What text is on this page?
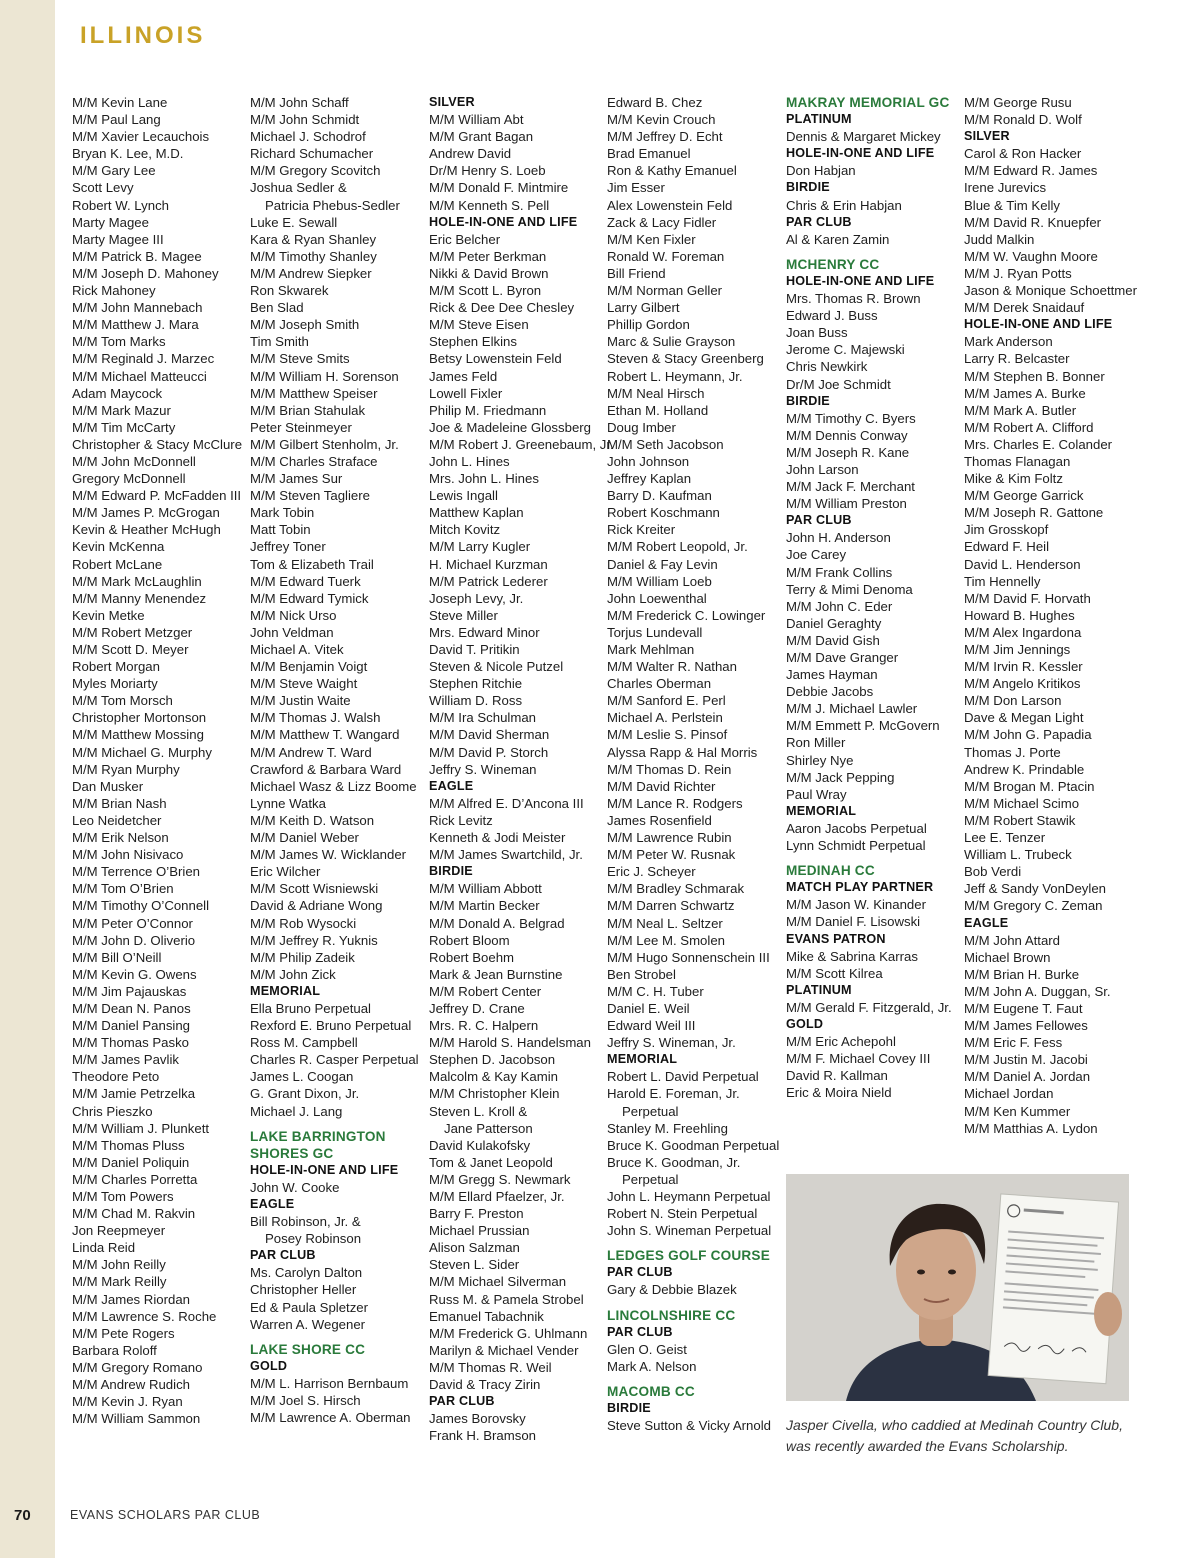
70
ILLINOIS
EVANS SCHOLARS PAR CLUB
M/M Kevin Lane
M/M Paul Lang
M/M Xavier Lecauchois
Bryan K. Lee, M.D.
M/M Gary Lee
Scott Levy
Robert W. Lynch
Marty Magee
Marty Magee III
M/M Patrick B. Magee
M/M Joseph D. Mahoney
Rick Mahoney
M/M John Mannebach
M/M Matthew J. Mara
M/M Tom Marks
M/M Reginald J. Marzec
M/M Michael Matteucci
Adam Maycock
M/M Mark Mazur
M/M Tim McCarty
Christopher & Stacy McClure
M/M John McDonnell
Gregory McDonnell
M/M Edward P. McFadden III
M/M James P. McGrogan
Kevin & Heather McHugh
Kevin McKenna
Robert McLane
M/M Mark McLaughlin
M/M Manny Menendez
Kevin Metke
M/M Robert Metzger
M/M Scott D. Meyer
Robert Morgan
Myles Moriarty
M/M Tom Morsch
Christopher Mortonson
M/M Matthew Mossing
M/M Michael G. Murphy
M/M Ryan Murphy
Dan Musker
M/M Brian Nash
Leo Neidetcher
M/M Erik Nelson
M/M John Nisivaco
M/M Terrence O’Brien
M/M Tom O’Brien
M/M Timothy O’Connell
M/M Peter O’Connor
M/M John D. Oliverio
M/M Bill O’Neill
M/M Kevin G. Owens
M/M Jim Pajauskas
M/M Dean N. Panos
M/M Daniel Pansing
M/M Thomas Pasko
M/M James Pavlik
Theodore Peto
M/M Jamie Petrzelka
Chris Pieszko
M/M William J. Plunkett
M/M Thomas Pluss
M/M Daniel Poliquin
M/M Charles Porretta
M/M Tom Powers
M/M Chad M. Rakvin
Jon Reepmeyer
Linda Reid
M/M John Reilly
M/M Mark Reilly
M/M James Riordan
M/M Lawrence S. Roche
M/M Pete Rogers
Barbara Roloff
M/M Gregory Romano
M/M Andrew Rudich
M/M Kevin J. Ryan
M/M William Sammon
M/M John Schaff
M/M John Schmidt
Michael J. Schodrof
Richard Schumacher
M/M Gregory Scovitch
Joshua Sedler &
Patricia Phebus-Sedler
Luke E. Sewall
Kara & Ryan Shanley
M/M Timothy Shanley
M/M Andrew Siepker
Ron Skwarek
Ben Slad
M/M Joseph Smith
Tim Smith
M/M Steve Smits
M/M William H. Sorenson
M/M Matthew Speiser
M/M Brian Stahulak
Peter Steinmeyer
M/M Gilbert Stenholm, Jr.
M/M Charles Straface
M/M James Sur
M/M Steven Tagliere
Mark Tobin
Matt Tobin
Jeffrey Toner
Tom & Elizabeth Trail
M/M Edward Tuerk
M/M Edward Tymick
M/M Nick Urso
John Veldman
Michael A. Vitek
M/M Benjamin Voigt
M/M Steve Waight
M/M Justin Waite
M/M Thomas J. Walsh
M/M Matthew T. Wangard
M/M Andrew T. Ward
Crawford & Barbara Ward
Michael Wasz & Lizz Boome
Lynne Watka
M/M Keith D. Watson
M/M Daniel Weber
M/M James W. Wicklander
Eric Wilcher
M/M Scott Wisniewski
David & Adriane Wong
M/M Rob Wysocki
M/M Jeffrey R. Yuknis
M/M Philip Zadeik
M/M John Zick
MEMORIAL
Ella Bruno Perpetual
Rexford E. Bruno Perpetual
Ross M. Campbell
Charles R. Casper Perpetual
James L. Coogan
G. Grant Dixon, Jr.
Michael J. Lang
LAKE BARRINGTON
SHORES GC
HOLE-IN-ONE AND LIFE
John W. Cooke
EAGLE
Bill Robinson, Jr. &
Posey Robinson
PAR CLUB
Ms. Carolyn Dalton
Christopher Heller
Ed & Paula Spletzer
Warren A. Wegener
LAKE SHORE CC
GOLD
M/M L. Harrison Bernbaum
M/M Joel S. Hirsch
M/M Lawrence A. Oberman
SILVER
M/M William Abt
M/M Grant Bagan
Andrew David
Dr/M Henry S. Loeb
M/M Donald F. Mintmire
M/M Kenneth S. Pell
HOLE-IN-ONE AND LIFE
Eric Belcher
M/M Peter Berkman
Nikki & David Brown
M/M Scott L. Byron
Rick & Dee Dee Chesley
M/M Steve Eisen
Stephen Elkins
Betsy Lowenstein Feld
James Feld
Lowell Fixler
Philip M. Friedmann
Joe & Madeleine Glossberg
M/M Robert J. Greenebaum, Jr.
John L. Hines
Mrs. John L. Hines
Lewis Ingall
Matthew Kaplan
Mitch Kovitz
M/M Larry Kugler
H. Michael Kurzman
M/M Patrick Lederer
Joseph Levy, Jr.
Steve Miller
Mrs. Edward Minor
David T. Pritikin
Steven & Nicole Putzel
Stephen Ritchie
William D. Ross
M/M Ira Schulman
M/M David Sherman
M/M David P. Storch
Jeffry S. Wineman
EAGLE
M/M Alfred E. D’Ancona III
Rick Levitz
Kenneth & Jodi Meister
M/M James Swartchild, Jr.
BIRDIE
M/M William Abbott
M/M Martin Becker
M/M Donald A. Belgrad
Robert Bloom
Robert Boehm
Mark & Jean Burnstine
M/M Robert Center
Jeffrey D. Crane
Mrs. R. C. Halpern
M/M Harold S. Handelsman
Stephen D. Jacobson
Malcolm & Kay Kamin
M/M Christopher Klein
Steven L. Kroll &
Jane Patterson
David Kulakofsky
Tom & Janet Leopold
M/M Gregg S. Newmark
M/M Ellard Pfaelzer, Jr.
Barry F. Preston
Michael Prussian
Alison Salzman
Steven L. Sider
M/M Michael Silverman
Russ M. & Pamela Strobel
Emanuel Tabachnik
M/M Frederick G. Uhlmann
Marilyn & Michael Vender
M/M Thomas R. Weil
David & Tracy Zirin
PAR CLUB
James Borovsky
Frank H. Bramson
Edward B. Chez
M/M Kevin Crouch
M/M Jeffrey D. Echt
Brad Emanuel
Ron & Kathy Emanuel
Jim Esser
Alex Lowenstein Feld
Zack & Lacy Fidler
M/M Ken Fixler
Ronald W. Foreman
Bill Friend
M/M Norman Geller
Larry Gilbert
Phillip Gordon
Marc & Sulie Grayson
Steven & Stacy Greenberg
Robert L. Heymann, Jr.
M/M Neal Hirsch
Ethan M. Holland
Doug Imber
M/M Seth Jacobson
John Johnson
Jeffrey Kaplan
Barry D. Kaufman
Robert Koschmann
Rick Kreiter
M/M Robert Leopold, Jr.
Daniel & Fay Levin
M/M William Loeb
John Loewenthal
M/M Frederick C. Lowinger
Torjus Lundevall
Mark Mehlman
M/M Walter R. Nathan
Charles Oberman
M/M Sanford E. Perl
Michael A. Perlstein
M/M Leslie S. Pinsof
Alyssa Rapp & Hal Morris
M/M Thomas D. Rein
M/M David Richter
M/M Lance R. Rodgers
James Rosenfield
M/M Lawrence Rubin
M/M Peter W. Rusnak
Eric J. Scheyer
M/M Bradley Schmarak
M/M Darren Schwartz
M/M Neal L. Seltzer
M/M Lee M. Smolen
M/M Hugo Sonnenschein III
Ben Strobel
M/M C. H. Tuber
Daniel E. Weil
Edward Weil III
Jeffry S. Wineman, Jr.
MEMORIAL
Robert L. David Perpetual
Harold E. Foreman, Jr.
Perpetual
Stanley M. Freehling
Bruce K. Goodman Perpetual
Bruce K. Goodman, Jr.
Perpetual
John L. Heymann Perpetual
Robert N. Stein Perpetual
John S. Wineman Perpetual
LEDGES GOLF COURSE
PAR CLUB
Gary & Debbie Blazek
LINCOLNSHIRE CC
PAR CLUB
Glen O. Geist
Mark A. Nelson
MACOMB CC
BIRDIE
Steve Sutton & Vicky Arnold
MAKRAY MEMORIAL GC
PLATINUM
Dennis & Margaret Mickey
HOLE-IN-ONE AND LIFE
Don Habjan
BIRDIE
Chris & Erin Habjan
PAR CLUB
Al & Karen Zamin
MCHENRY CC
HOLE-IN-ONE AND LIFE
Mrs. Thomas R. Brown
Edward J. Buss
Joan Buss
Jerome C. Majewski
Chris Newkirk
Dr/M Joe Schmidt
BIRDIE
M/M Timothy C. Byers
M/M Dennis Conway
M/M Joseph R. Kane
John Larson
M/M Jack F. Merchant
M/M William Preston
PAR CLUB
John H. Anderson
Joe Carey
M/M Frank Collins
Terry & Mimi Denoma
M/M John C. Eder
Daniel Geraghty
M/M David Gish
M/M Dave Granger
James Hayman
Debbie Jacobs
M/M J. Michael Lawler
M/M Emmett P. McGovern
Ron Miller
Shirley Nye
M/M Jack Pepping
Paul Wray
MEMORIAL
Aaron Jacobs Perpetual
Lynn Schmidt Perpetual
MEDINAH CC
MATCH PLAY PARTNER
M/M Jason W. Kinander
M/M Daniel F. Lisowski
EVANS PATRON
Mike & Sabrina Karras
M/M Scott Kilrea
PLATINUM
M/M Gerald F. Fitzgerald, Jr.
GOLD
M/M Eric Achepohl
M/M F. Michael Covey III
David R. Kallman
Eric & Moira Nield
M/M George Rusu
M/M Ronald D. Wolf
SILVER
Carol & Ron Hacker
M/M Edward R. James
Irene Jurevics
Blue & Tim Kelly
M/M David R. Knuepfer
Judd Malkin
M/M W. Vaughn Moore
M/M J. Ryan Potts
Jason & Monique Schoettmer
M/M Derek Snaidauf
HOLE-IN-ONE AND LIFE
Mark Anderson
Larry R. Belcaster
M/M Stephen B. Bonner
M/M James A. Burke
M/M Mark A. Butler
M/M Robert A. Clifford
Mrs. Charles E. Colander
Thomas Flanagan
Mike & Kim Foltz
M/M George Garrick
M/M Joseph R. Gattone
Jim Grosskopf
Edward F. Heil
David L. Henderson
Tim Hennelly
M/M David F. Horvath
Howard B. Hughes
M/M Alex Ingardona
M/M Jim Jennings
M/M Irvin R. Kessler
M/M Angelo Kritikos
M/M Don Larson
Dave & Megan Light
M/M John G. Papadia
Thomas J. Porte
Andrew K. Prindable
M/M Brogan M. Ptacin
M/M Michael Scimo
M/M Robert Stawik
Lee E. Tenzer
William L. Trubeck
Bob Verdi
Jeff & Sandy VonDeylen
M/M Gregory C. Zeman
EAGLE
M/M John Attard
Michael Brown
M/M Brian H. Burke
M/M John A. Duggan, Sr.
M/M Eugene T. Faut
M/M James Fellowes
M/M Eric F. Fess
M/M Justin M. Jacobi
M/M Daniel A. Jordan
Michael Jordan
M/M Ken Kummer
M/M Matthias A. Lydon
Jasper Civella, who caddied at Medinah Country Club, was recently awarded the Evans Scholarship.
